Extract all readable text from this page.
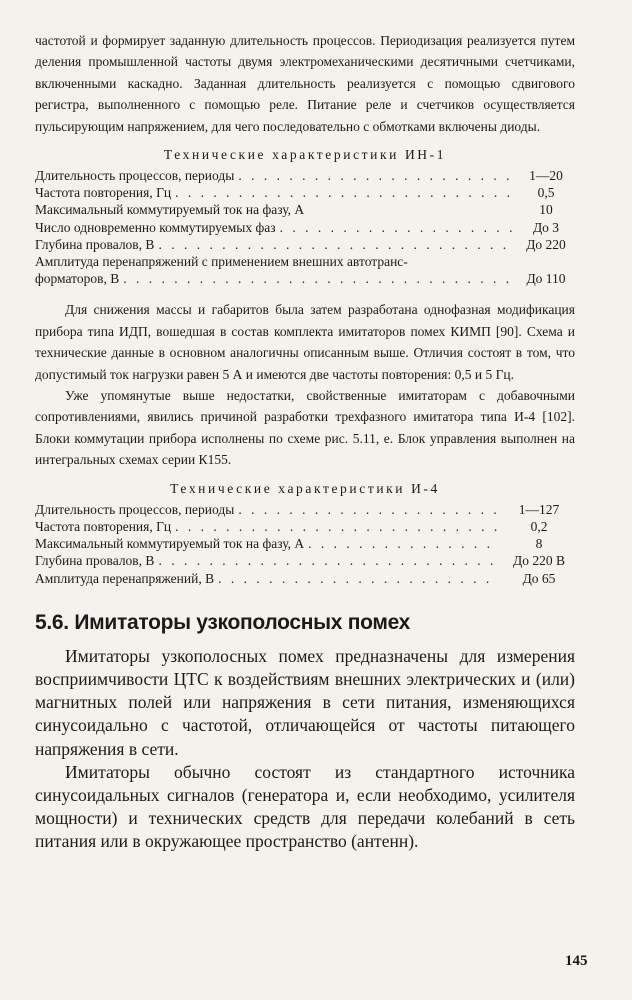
частотой и формирует заданную длительность процессов. Периодизация реализуется путем деления промышленной частоты двумя электромеханическими десятичными счетчиками, включенными каскадно. Заданная длительность реализуется с помощью сдвигового регистра, выполненного с помощью реле. Питание реле и счетчиков осуществляется пульсирующим напряжением, для чего последовательно с обмотками включены диоды.

Технические характеристики ИН-1
Длительность процессов, периоды . . .	1—20
Частота повторения, Гц . . .	0,5
Максимальный коммутируемый ток на фазу, А	10
Число одновременно коммутируемых фаз . . .	До 3
Глубина провалов, В . . .	До 220
Амплитуда перенапряжений с применением внешних автотранс-
форматоров, В . . .	До 110

Для снижения массы и габаритов была затем разработана однофазная модификация прибора типа ИДП, вошедшая в состав комплекта имитаторов помех КИМП [90]. Схема и технические данные в основном аналогичны описанным выше. Отличия состоят в том, что допустимый ток нагрузки равен 5 А и имеются две частоты повторения: 0,5 и 5 Гц.

Уже упомянутые выше недостатки, свойственные имитаторам с добавочными сопротивлениями, явились причиной разработки трехфазного имитатора типа И-4 [102]. Блоки коммутации прибора исполнены по схеме рис. 5.11, е. Блок управления выполнен на интегральных схемах серии К155.

Технические характеристики И-4
Длительность процессов, периоды . . .	1—127
Частота повторения, Гц . . .	0,2
Максимальный коммутируемый ток на фазу, А . . .	8
Глубина провалов, В . . .	До 220 В
Амплитуда перенапряжений, В . . .	До 65
5.6. Имитаторы узкополосных помех

Имитаторы узкополосных помех предназначены для измерения восприимчивости ЦТС к воздействиям внешних электрических и (или) магнитных полей или напряжения в сети питания, изменяющихся синусоидально с частотой, отличающейся от частоты питающего напряжения в сети.

Имитаторы обычно состоят из стандартного источника синусоидальных сигналов (генератора и, если необходимо, усилителя мощности) и технических средств для передачи колебаний в сеть питания или в окружающее пространство (антенн).

145
